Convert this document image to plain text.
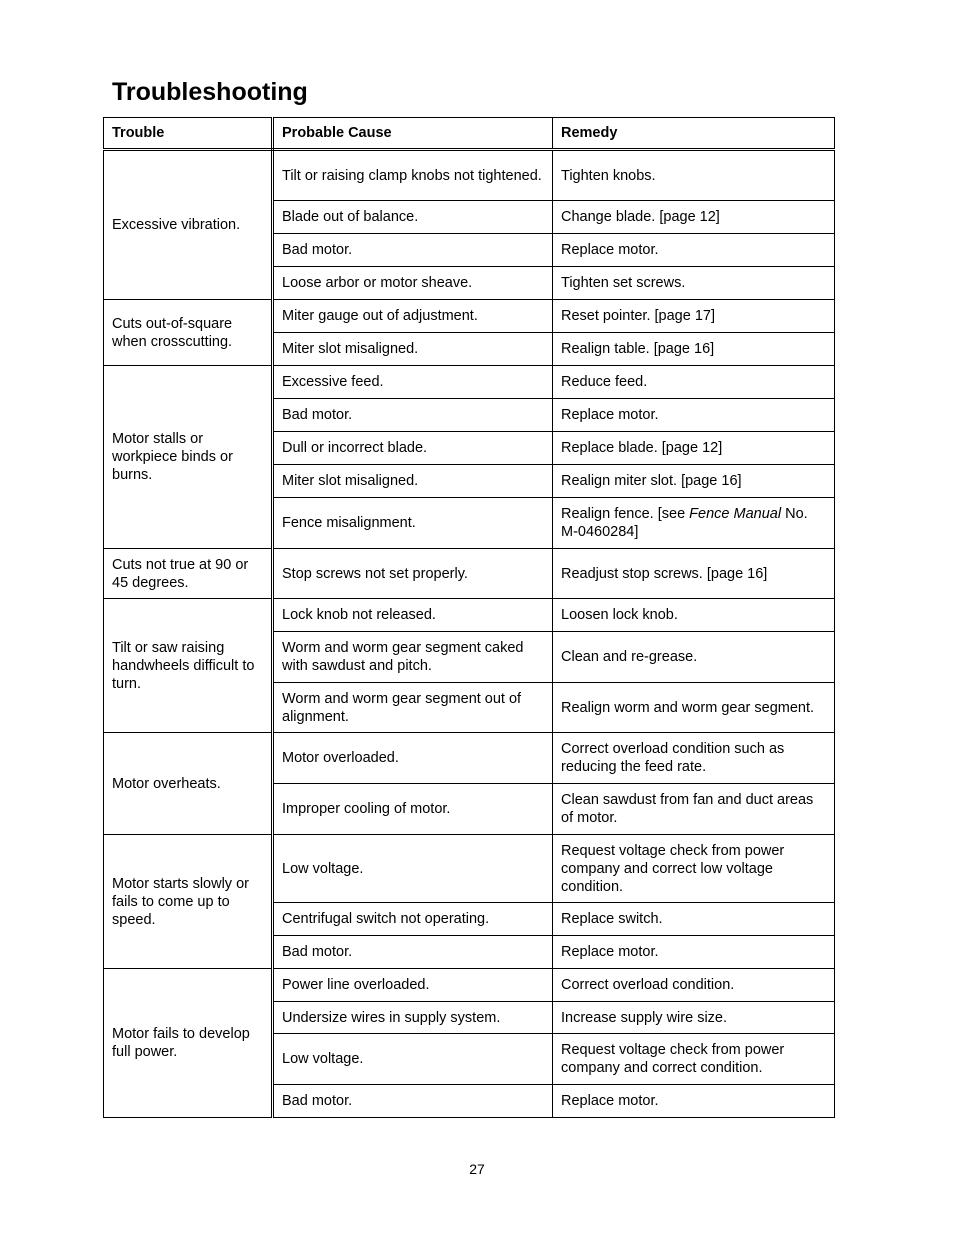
Troubleshooting
Trouble	Probable Cause	Remedy
Excessive vibration.	Tilt or raising clamp knobs not tightened.	Tighten knobs.
	Blade out of balance.	Change blade. [page 12]
	Bad motor.	Replace motor.
	Loose arbor or motor sheave.	Tighten set screws.
Cuts out-of-square when crosscutting.	Miter gauge out of adjustment.	Reset pointer. [page 17]
	Miter slot misaligned.	Realign table. [page 16]
Motor stalls or workpiece binds or burns.	Excessive feed.	Reduce feed.
	Bad motor.	Replace motor.
	Dull or incorrect blade.	Replace blade. [page 12]
	Miter slot misaligned.	Realign miter slot. [page 16]
	Fence misalignment.	Realign fence. [see Fence Manual No. M-0460284]
Cuts not true at 90 or 45 degrees.	Stop screws not set properly.	Readjust stop screws. [page 16]
Tilt or saw raising handwheels difficult to turn.	Lock knob not released.	Loosen lock knob.
	Worm and worm gear segment caked with sawdust and pitch.	Clean and re-grease.
	Worm and worm gear segment out of alignment.	Realign worm and worm gear segment.
Motor overheats.	Motor overloaded.	Correct overload condition such as reducing the feed rate.
	Improper cooling of motor.	Clean sawdust from fan and duct areas of motor.
Motor starts slowly or fails to come up to speed.	Low voltage.	Request voltage check from power company and correct low voltage condition.
	Centrifugal switch not operating.	Replace switch.
	Bad motor.	Replace motor.
Motor fails to develop full power.	Power line overloaded.	Correct overload condition.
	Undersize wires in supply system.	Increase supply wire size.
	Low voltage.	Request voltage check from power company and correct condition.
	Bad motor.	Replace motor.
27
